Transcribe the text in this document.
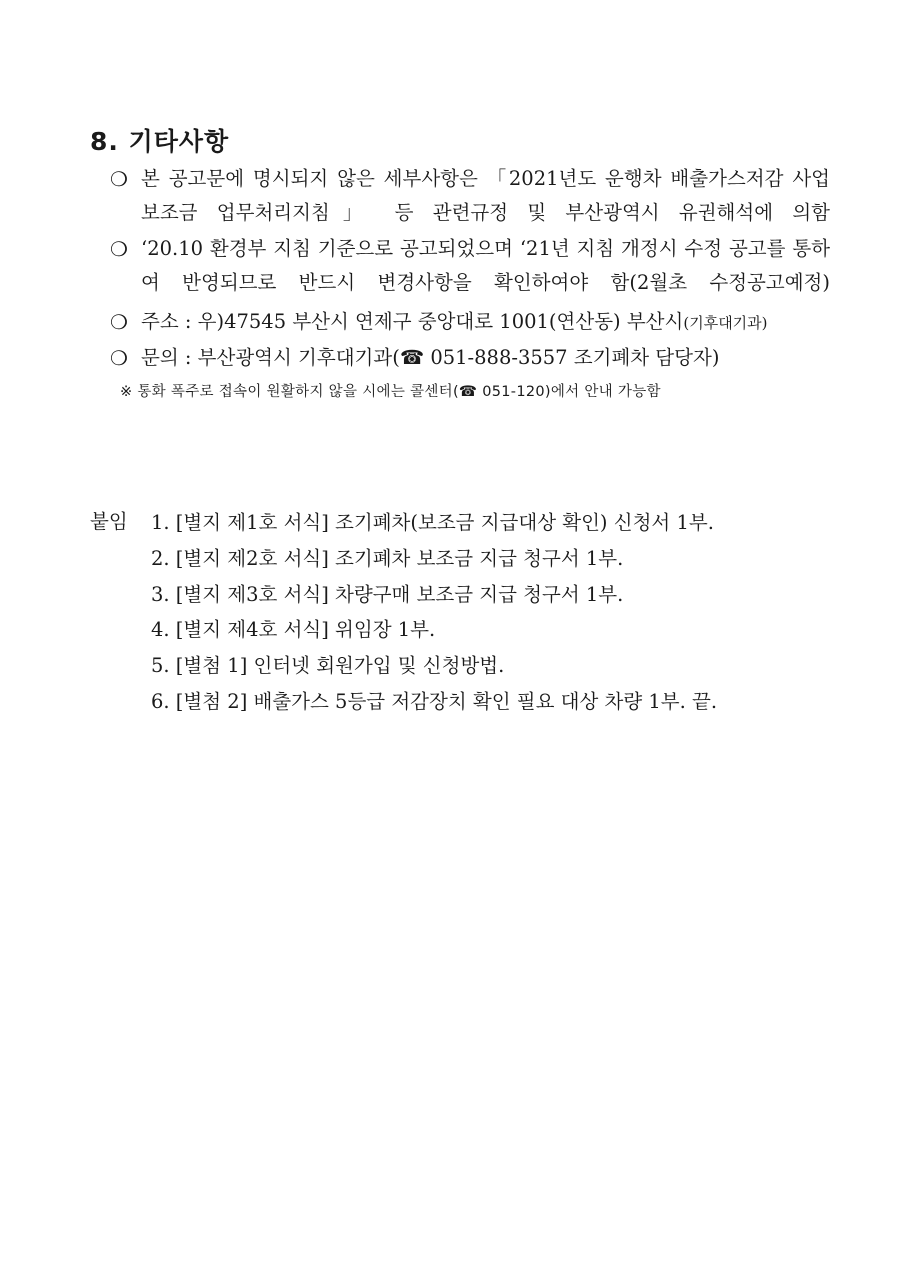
8. 기타사항
❍ 본 공고문에 명시되지 않은 세부사항은 「2021년도 운행차 배출가스저감 사업 보조금 업무처리지침」 등 관련규정 및 부산광역시 유권해석에 의함
❍ ‘20.10 환경부 지침 기준으로 공고되었으며 ‘21년 지침 개정시 수정 공고를 통하여 반영되므로 반드시 변경사항을 확인하여야 함(2월초 수정공고예정)
❍ 주소 : 우)47545 부산시 연제구 중앙대로 1001(연산동) 부산시(기후대기과)
❍ 문의 : 부산광역시 기후대기과(☎ 051-888-3557 조기폐차 담당자)
※ 통화 폭주로 접속이 원활하지 않을 시에는 콜센터(☎ 051-120)에서 안내 가능함
붙임 1. [별지 제1호 서식] 조기폐차(보조금 지급대상 확인) 신청서 1부.
2. [별지 제2호 서식] 조기폐차 보조금 지급 청구서 1부.
3. [별지 제3호 서식] 차량구매 보조금 지급 청구서 1부.
4. [별지 제4호 서식] 위임장 1부.
5. [별첨 1] 인터넷 회원가입 및 신청방법.
6. [별첨 2] 배출가스 5등급 저감장치 확인 필요 대상 차량 1부. 끝.
